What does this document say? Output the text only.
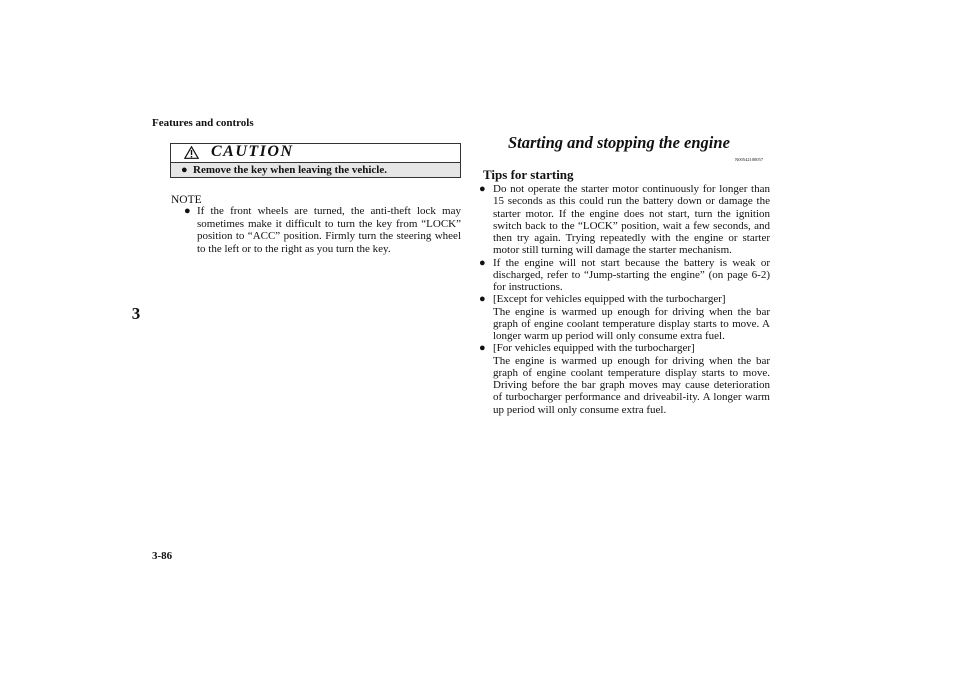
Features and controls
3
CAUTION
● Remove the key when leaving the vehicle.
NOTE
● If the front wheels are turned, the anti-theft lock may sometimes make it difficult to turn the key from “LOCK” position to “ACC” position. Firmly turn the steering wheel to the left or to the right as you turn the key.
Starting and stopping the engine
N00542100057
Tips for starting
● Do not operate the starter motor continuously for longer than 15 seconds as this could run the battery down or damage the starter motor. If the engine does not start, turn the ignition switch back to the “LOCK” position, wait a few seconds, and then try again. Trying repeatedly with the engine or starter motor still turning will damage the starter mechanism.
● If the engine will not start because the battery is weak or discharged, refer to “Jump-starting the engine” (on page 6-2) for instructions.
● [Except for vehicles equipped with the turbocharger]
The engine is warmed up enough for driving when the bar graph of engine coolant temperature display starts to move. A longer warm up period will only consume extra fuel.
● [For vehicles equipped with the turbocharger]
The engine is warmed up enough for driving when the bar graph of engine coolant temperature display starts to move. Driving before the bar graph moves may cause deterioration of turbocharger performance and driveabil-ity. A longer warm up period will only consume extra fuel.
3-86
